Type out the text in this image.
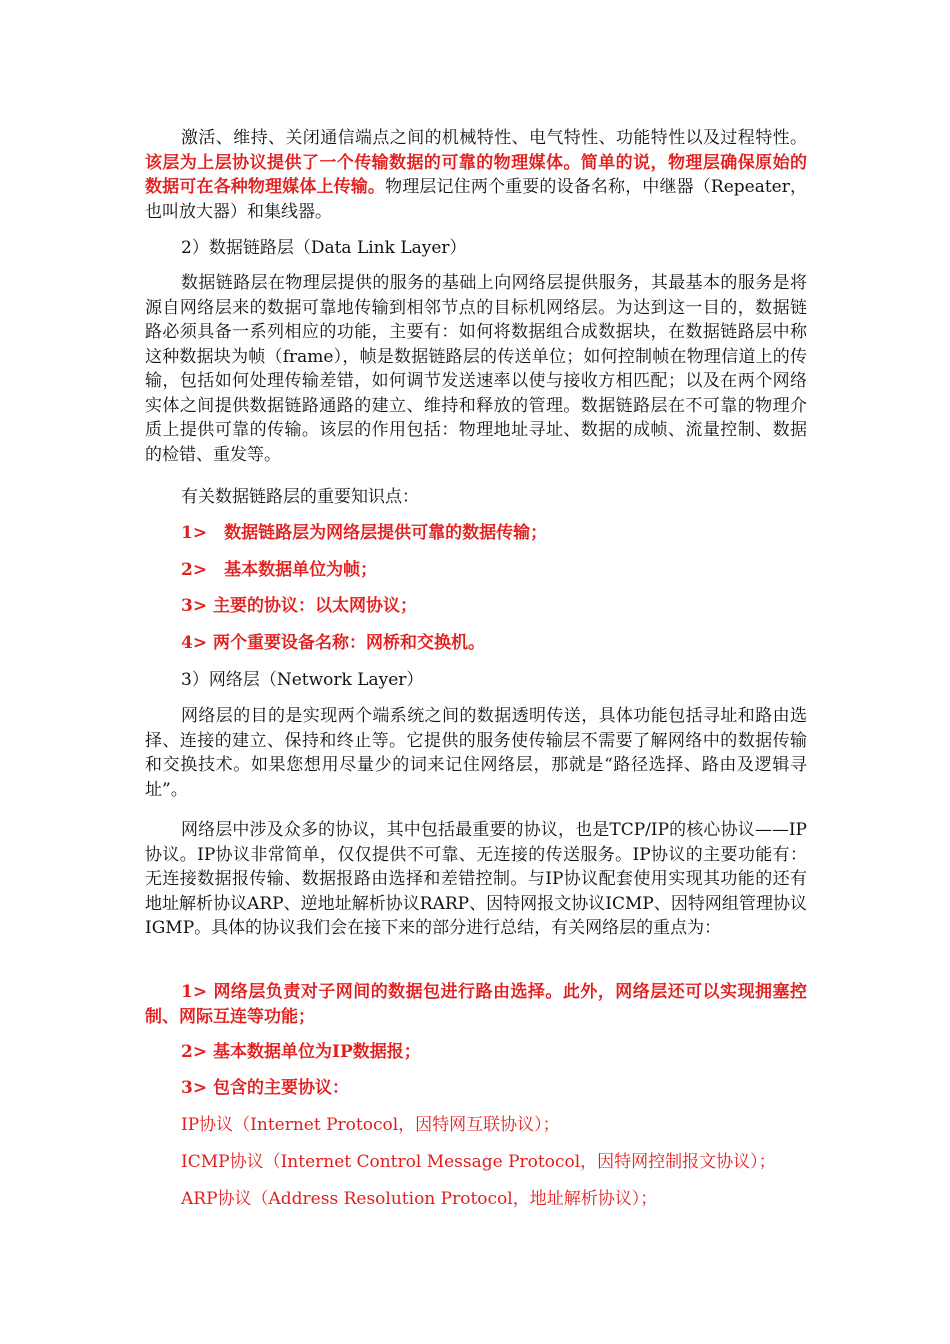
激活、维持、关闭通信端点之间的机械特性、电气特性、功能特性以及过程特性。该层为上层协议提供了一个传输数据的可靠的物理媒体。简单的说，物理层确保原始的数据可在各种物理媒体上传输。物理层记住两个重要的设备名称，中继器（Repeater，也叫放大器）和集线器。

2）数据链路层（Data Link Layer）

数据链路层在物理层提供的服务的基础上向网络层提供服务，其最基本的服务是将源自网络层来的数据可靠地传输到相邻节点的目标机网络层。为达到这一目的，数据链路必须具备一系列相应的功能，主要有：如何将数据组合成数据块，在数据链路层中称这种数据块为帧（frame），帧是数据链路层的传送单位；如何控制帧在物理信道上的传输，包括如何处理传输差错，如何调节发送速率以使与接收方相匹配；以及在两个网络实体之间提供数据链路通路的建立、维持和释放的管理。数据链路层在不可靠的物理介质上提供可靠的传输。该层的作用包括：物理地址寻址、数据的成帧、流量控制、数据的检错、重发等。

有关数据链路层的重要知识点：

1>　数据链路层为网络层提供可靠的数据传输；

2>　基本数据单位为帧；

3> 主要的协议：以太网协议；

4> 两个重要设备名称：网桥和交换机。

3）网络层（Network Layer）

网络层的目的是实现两个端系统之间的数据透明传送，具体功能包括寻址和路由选择、连接的建立、保持和终止等。它提供的服务使传输层不需要了解网络中的数据传输和交换技术。如果您想用尽量少的词来记住网络层，那就是“路径选择、路由及逻辑寻址”。

网络层中涉及众多的协议，其中包括最重要的协议，也是TCP/IP的核心协议——IP协议。IP协议非常简单，仅仅提供不可靠、无连接的传送服务。IP协议的主要功能有：无连接数据报传输、数据报路由选择和差错控制。与IP协议配套使用实现其功能的还有地址解析协议ARP、逆地址解析协议RARP、因特网报文协议ICMP、因特网组管理协议IGMP。具体的协议我们会在接下来的部分进行总结，有关网络层的重点为：

1> 网络层负责对子网间的数据包进行路由选择。此外，网络层还可以实现拥塞控制、网际互连等功能；

2> 基本数据单位为IP数据报；

3> 包含的主要协议：

IP协议（Internet Protocol，因特网互联协议）；

ICMP协议（Internet Control Message Protocol，因特网控制报文协议）；

ARP协议（Address Resolution Protocol，地址解析协议）；
